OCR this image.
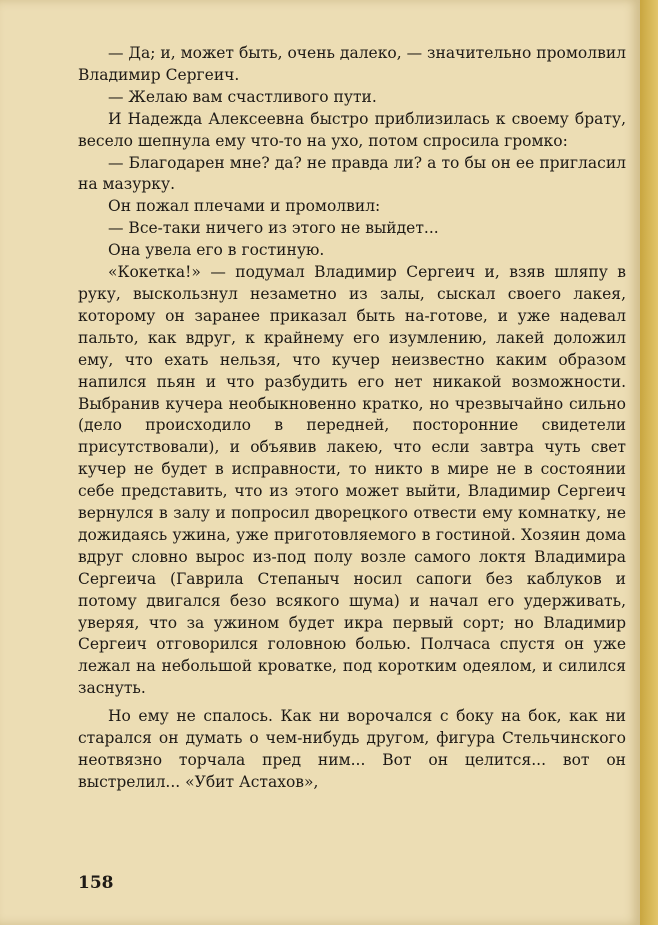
— Да; и, может быть, очень далеко, — значительно промолвил Владимир Сергеич.

— Желаю вам счастливого пути.

И Надежда Алексеевна быстро приблизилась к своему брату, весело шепнула ему что-то на ухо, потом спросила громко:

— Благодарен мне? да? не правда ли? а то бы он ее пригласил на мазурку.

Он пожал плечами и промолвил:

— Все-таки ничего из этого не выйдет...

Она увела его в гостиную.

«Кокетка!» — подумал Владимир Сергеич и, взяв шляпу в руку, выскользнул незаметно из залы, сыскал своего лакея, которому он заранее приказал быть на-готове, и уже надевал пальто, как вдруг, к крайнему его изумлению, лакей доложил ему, что ехать нельзя, что кучер неизвестно каким образом напился пьян и что разбудить его нет никакой возможности. Выбранив кучера необыкновенно кратко, но чрезвычайно сильно (дело происходило в передней, посторонние свидетели присутствовали), и объявив лакею, что если завтра чуть свет кучер не будет в исправности, то никто в мире не в состоянии себе представить, что из этого может выйти, Владимир Сергеич вернулся в залу и попросил дворецкого отвести ему комнатку, не дожидаясь ужина, уже приготовляемого в гостиной. Хозяин дома вдруг словно вырос из-под полу возле самого локтя Владимира Сергеича (Гаврила Степаныч носил сапоги без каблуков и потому двигался безо всякого шума) и начал его удерживать, уверяя, что за ужином будет икра первый сорт; но Владимир Сергеич отговорился головною болью. Полчаса спустя он уже лежал на небольшой кроватке, под коротким одеялом, и силился заснуть.

Но ему не спалось. Как ни ворочался с боку на бок, как ни старался он думать о чем-нибудь другом, фигура Стельчинского неотвязно торчала пред ним... Вот он целится... вот он выстрелил... «Убит Астахов»,

158
